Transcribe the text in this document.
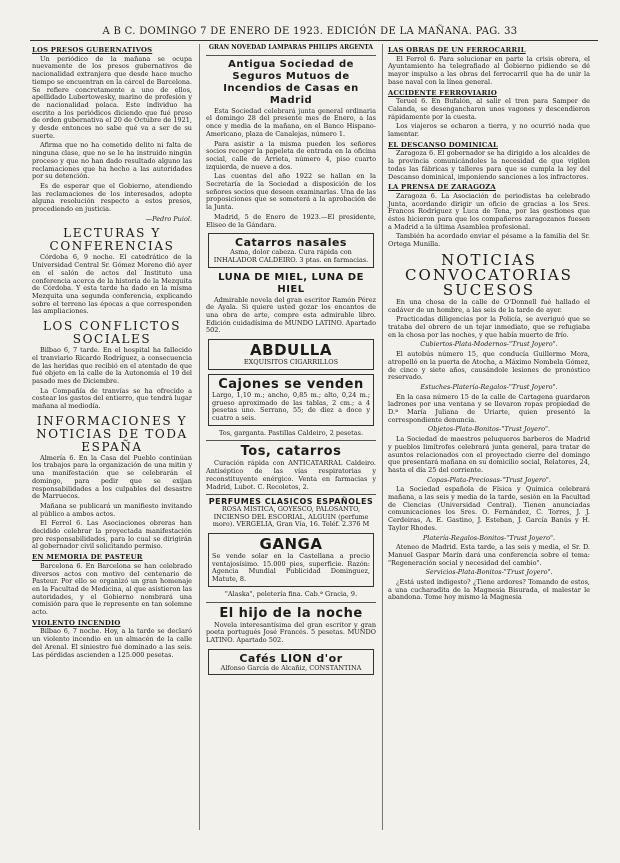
A B C. DOMINGO 7 DE ENERO DE 1923. EDICIÓN DE LA MAÑANA. PAG. 33
LOS PRESOS GUBERNATIVOS

Un periódico de la mañana se ocupa nuevamente de los presos gubernativos de nacionalidad extranjera que desde hace mucho tiempo se encuentran en la cárcel de Barcelona. Se refiere concretamente a uno de ellos, apellidado Lubertowesky, marino de profesión y de nacionalidad polaca. Este individuo ha escrito a los periódicos diciendo que fué preso de orden gubernativa el 20 de Octubre de 1921, y desde entonces no sabe qué va a ser de su suerte.

Afirma que no ha cometido delito ni falta de ninguna clase, que no se le ha instruido ningún proceso y que no han dado resultado alguno las reclamaciones que ha hecho a las autoridades por su detención.

Es de esperar que el Gobierno, atendiendo las reclamaciones de los interesados, adopte alguna resolución respecto a estos presos, procediendo en justicia.

—Pedro Puiol.
LECTURAS Y CONFERENCIAS

Córdoba 6, 9 noche. El catedrático de la Universidad Central Sr. Gómez Moreno dió ayer en el salón de actos del Instituto una conferencia acerca de la historia de la Mezquita de Córdoba. Y esta tarde ha dado en la misma Mezquita una segunda conferencia, explicando sobre el terreno las épocas a que corresponden las ampliaciones.

LOS CONFLICTOS SOCIALES

Bilbao 6, 7 tarde. En el hospital ha fallecido el tranviario Ricardo Rodríguez, a consecuencia de las heridas que recibió en el atentado de que fué objeto en la calle de la Autonomía el 19 del pasado mes de Diciembre.

La Compañía de tranvías se ha ofrecido a costear los gastos del entierro, que tendrá lugar mañana al mediodía.

INFORMACIONES Y NOTICIAS DE TODA ESPAÑA

Almería 6. En la Casa del Pueblo continúan los trabajos para la organización de una mitin y una manifestación que se celebrarán el domingo, para pedir que se exijan responsabilidades a los culpables del desastre de Marruecos.

Mañana se publicará un manifiesto invitando al público a ambos actos.

El Ferrol 6. Las Asociaciones obreras han decidido celebrar la proyectada manifestación pro responsabilidades, para lo cual se dirigirán al gobernador civil solicitando permiso.

EN MEMORIA DE PASTEUR

Barcelona 6. En Barcelona se han celebrado diversos actos con motivo del centenario de Pasteur. Por ello se organizó un gran homenaje en la Facultad de Medicina, al que asistieron las autoridades, y el Gobierno nombrará una comisión para que le represente en tan solemne acto.

VIOLENTO INCENDIO

Bilbao 6, 7 noche. Hoy, a la tarde se declaró un violento incendio en un almacén de la calle del Arenal. El siniestro fué dominado a las seis. Las pérdidas ascienden a 125.000 pesetas.

GRAN NOVEDAD LAMPARAS PHILIPS ARGENTA
Antigua Sociedad de Seguros Mutuos de Incendios de Casas en Madrid

Esta Sociedad celebrará junta general ordinaria el domingo 28 del presente mes de Enero, a las once y media de la mañana, en el Banco Hispano-Americano, plaza de Canalejas, número 1.

Para asistir a la misma pueden los señores socios recoger la papeleta de entrada en la oficina social, calle de Arrieta, número 4, piso cuarto izquierda, de nueve a dos.

Las cuentas del año 1922 se hallan en la Secretaría de la Sociedad a disposición de los señores socios que deseen examinarlas. Una de las proposiciones que se someterá a la aprobación de la Junta.

Madrid, 5 de Enero de 1923.—El presidente, Eliseo de la Gándara.

Catarros nasales
Asma, dolor cabeza. Cura rápida con INHALADOR CALDEIRO. 3 ptas. en farmacias.
LUNA DE MIEL, LUNA DE HIEL

Admirable novela del gran escritor Ramón Pérez de Ayala. Si quiere usted gozar los encantos de una obra de arte, compre esta admirable libro. Edición cuidadísima de MUNDO LATINO. Apartado 502.

ABDULLA
EXQUISITOS CIGARRILLOS
Cajones se venden
Largo, 1,10 m.; ancho, 0,85 m.; alto, 0,24 m.; grueso aproximado de las tablas, 2 cm.; a 4 pesetas uno. Serrano, 55; de diez a doce y cuatro a seis.
Tos, garganta. Pastillas Caldeiro, 2 pesetas.
Tos, catarros

Curación rápida con ANTICATARRAL Caldeiro. Antiséptico de las vías respiratorias y reconstituyente enérgico. Venta en farmacias y Madrid, Lubot. C. Recoletos, 2.

PERFUMES CLASICOS ESPAÑOLES
ROSA MISTICA, GOYESCO, PALOSANTO, INCIENSO DEL ESCORIAL, ALGUIN (perfume moro). VERGELIA, Gran Vía, 16. Teléf. 2.376 M
GANGA
Se vende solar en la Castellana a precio ventajosísimo. 15.000 pies, superficie. Razón: Agencia Mundial Publicidad Dominguez, Matute, 8.
"Alaska", peletería fina. Cab.ª Gracia, 9.
El hijo de la noche

Novela interesantísima del gran escritor y gran poeta portugués José Francés. 5 pesetas. MUNDO LATINO. Apartado 502.

Cafés LION d'or
Alfonso García de Alcañiz, CONSTANTINA
LAS OBRAS DE UN FERROCARRIL

El Ferrol 6. Para solucionar en parte la crisis obrera, el Ayuntamiento ha telegrafiado al Gobierno pidiendo se dé mayor impulso a las obras del ferrocarril que ha de unir la base naval con la línea general.

ACCIDENTE FERROVIARIO

Teruel 6. En Bufalón, al salir el tren para Samper de Calanda, se desengancharon unos vagones y descendieron rápidamente por la cuesta.

Los viajeros se echaron a tierra, y no ocurrió nada que lamentar.

EL DESCANSO DOMINICAL

Zaragoza 6. El gobernador se ha dirigido a los alcaldes de la provincia comunicándoles la necesidad de que vigilen todas las fábricas y talleres para que se cumpla la ley del Descanso dominical, imponiendo sanciones a los infractores.

LA PRENSA DE ZARAGOZA

Zaragoza 6. La Asociación de periodistas ha celebrado Junta, acordando dirigir un oficio de gracias a los Sres. Francos Rodríguez y Luca de Tena, por las gestiones que éstos hicieron para que los compañeros zaragozanos fuesen a Madrid a la última Asamblea profesional.

También ha acordado enviar el pésame a la familia del Sr. Ortega Munilla.

NOTICIAS CONVOCATORIAS SUCESOS

En una chosa de la calle de O'Donnell fué hallado el cadáver de un hombre, a las seis de la tarde de ayer.

Practicadas diligencias por la Policía, se averiguó que se trataba del obrero de un tejar inmediato, que se refugiaba en la chosa por las noches, y que había muerto de frío.

Cubiertos-Plata-Modernos-"Trust Joyero".

El autobús número 15, que conducía Guillermo Mora, atropelló en la puerta de Atocha, a Máximo Nombela Gómez, de cinco y siete años, causándole lesiones de pronóstico reservado.

Estuches-Platería-Regalos-"Trust Joyero".

En la casa número 15 de la calle de Cartagena guardaron ladrones por una ventana y se llevaron ropas propiedad de D.ª María Juliana de Uriarte, quien presentó la correspondiente denuncia.

Objetos-Plata-Bonitos-"Trust Joyero".

La Sociedad de maestros peluqueros barberos de Madrid y pueblos limítrofes celebrará junta general, para tratar de asuntos relacionados con el proyectado cierre del domingo que presentará mañana en su domicilio social, Relatores, 24, hasta el día 25 del corriente.

Copas-Plata-Preciosas-"Trust Joyero".

La Sociedad española de Física y Química celebrará mañana, a las seis y media de la tarde, sesión en la Facultad de Ciencias (Universidad Central). Tienen anunciadas comunicaciones los Sres. O. Fernández, C. Torres, J. J. Cerdeiras, A. E. Gastino, J. Esteban, J. García Banús y H. Taylor Rhodes.

Platería-Regalos-Bonitos-"Trust Joyero".

Ateneo de Madrid. Esta tarde, a las seis y media, el Sr. D. Manuel Gaspar Marín dará una conferencia sobre el tema: "Regeneración social y necesidad del cambio".

Servicios-Plata-Bonitos-"Trust Joyero".

¿Está usted indigesto? ¿Tiene ardores? Tomando de estos, a una cucharadita de la Magnesia Bisurada, el malestar le abandona. Tome hoy mismo la Magnesia
